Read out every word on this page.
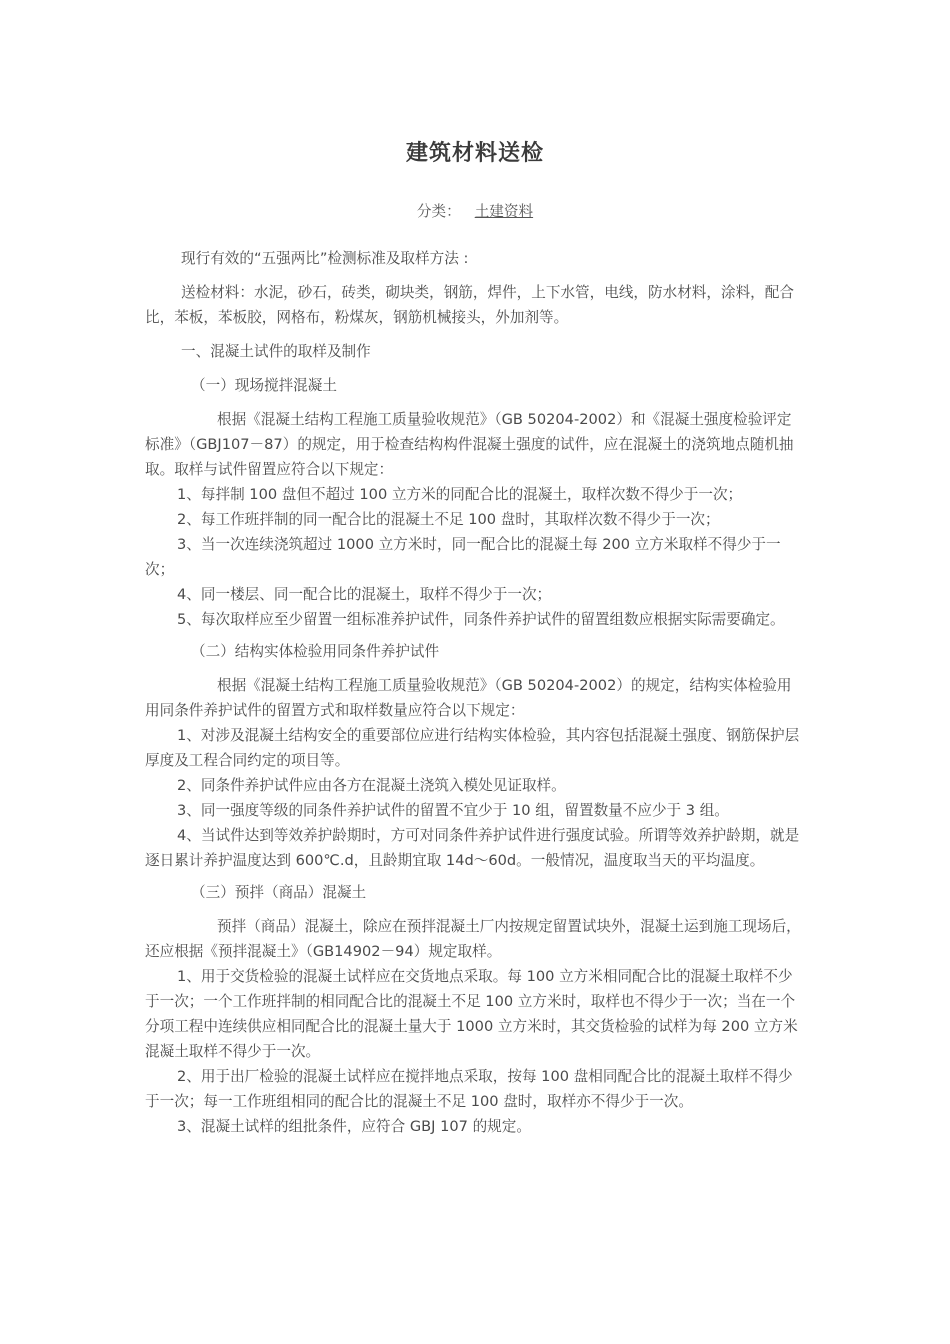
建筑材料送检
分类： 土建资料

现行有效的“五强两比”检测标准及取样方法 :

送检材料：水泥，砂石，砖类，砌块类，钢筋，焊件，上下水管，电线，防水材料，涂料，配合比，苯板，苯板胶，网格布，粉煤灰，钢筋机械接头，外加剂等。

一、混凝土试件的取样及制作

（一）现场搅拌混凝土

根据《混凝土结构工程施工质量验收规范》（GB 50204-2002）和《混凝土强度检验评定标准》（GBJ107－87）的规定，用于检查结构构件混凝土强度的试件，应在混凝土的浇筑地点随机抽取。取样与试件留置应符合以下规定：

1、每拌制 100 盘但不超过 100 立方米的同配合比的混凝土，取样次数不得少于一次；

2、每工作班拌制的同一配合比的混凝土不足 100 盘时，其取样次数不得少于一次；

3、当一次连续浇筑超过 1000 立方米时，同一配合比的混凝土每 200 立方米取样不得少于一次；

4、同一楼层、同一配合比的混凝土，取样不得少于一次；

5、每次取样应至少留置一组标准养护试件，同条件养护试件的留置组数应根据实际需要确定。

（二）结构实体检验用同条件养护试件

根据《混凝土结构工程施工质量验收规范》（GB 50204-2002）的规定，结构实体检验用用同条件养护试件的留置方式和取样数量应符合以下规定：

1、对涉及混凝土结构安全的重要部位应进行结构实体检验，其内容包括混凝土强度、钢筋保护层厚度及工程合同约定的项目等。

2、同条件养护试件应由各方在混凝土浇筑入模处见证取样。

3、同一强度等级的同条件养护试件的留置不宜少于 10 组，留置数量不应少于 3 组。

4、当试件达到等效养护龄期时，方可对同条件养护试件进行强度试验。所谓等效养护龄期，就是逐日累计养护温度达到 600℃.d，且龄期宜取 14d～60d。一般情况，温度取当天的平均温度。

（三）预拌（商品）混凝土

预拌（商品）混凝土，除应在预拌混凝土厂内按规定留置试块外，混凝土运到施工现场后，还应根据《预拌混凝土》（GB14902－94）规定取样。

1、用于交货检验的混凝土试样应在交货地点采取。每 100 立方米相同配合比的混凝土取样不少于一次；一个工作班拌制的相同配合比的混凝土不足 100 立方米时，取样也不得少于一次；当在一个分项工程中连续供应相同配合比的混凝土量大于 1000 立方米时，其交货检验的试样为每 200 立方米混凝土取样不得少于一次。

2、用于出厂检验的混凝土试样应在搅拌地点采取，按每 100 盘相同配合比的混凝土取样不得少于一次；每一工作班组相同的配合比的混凝土不足 100 盘时，取样亦不得少于一次。

3、混凝土试样的组批条件，应符合 GBJ 107 的规定。
